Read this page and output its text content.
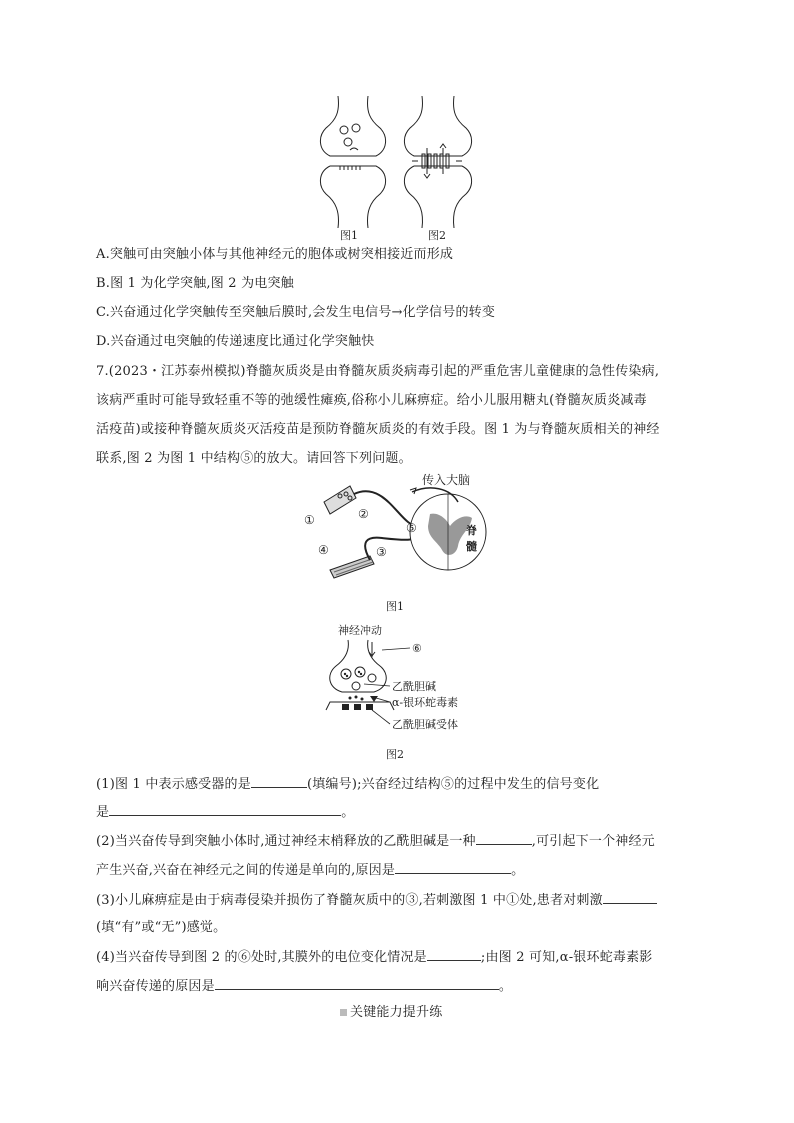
图1	图2
A.突触可由突触小体与其他神经元的胞体或树突相接近而形成
B.图 1 为化学突触,图 2 为电突触
C.兴奋通过化学突触传至突触后膜时,会发生电信号→化学信号的转变
D.兴奋通过电突触的传递速度比通过化学突触快
7.(2023・江苏泰州模拟)脊髓灰质炎是由脊髓灰质炎病毒引起的严重危害儿童健康的急性传染病,
该病严重时可能导致轻重不等的弛缓性瘫痪,俗称小儿麻痹症。给小儿服用糖丸(脊髓灰质炎减毒
活疫苗)或接种脊髓灰质炎灭活疫苗是预防脊髓灰质炎的有效手段。图 1 为与脊髓灰质相关的神经
联系,图 2 为图 1 中结构⑤的放大。请回答下列问题。
传入大脑
①	②
③
④
⑤	脊
髓
图1
神经冲动
⑥
乙酰胆碱
α-银环蛇毒素
乙酰胆碱受体
图2
(1)图 1 中表示感受器的是	(填编号);兴奋经过结构⑤的过程中发生的信号变化
是	。
(2)当兴奋传导到突触小体时,通过神经末梢释放的乙酰胆碱是一种	,可引起下一个神经元
产生兴奋,兴奋在神经元之间的传递是单向的,原因是	。
(3)小儿麻痹症是由于病毒侵染并损伤了脊髓灰质中的③,若刺激图 1 中①处,患者对刺激
(填“有”或“无”)感觉。
(4)当兴奋传导到图 2 的⑥处时,其膜外的电位变化情况是	;由图 2 可知,α-银环蛇毒素影
响兴奋传递的原因是	。
关键能力提升练
